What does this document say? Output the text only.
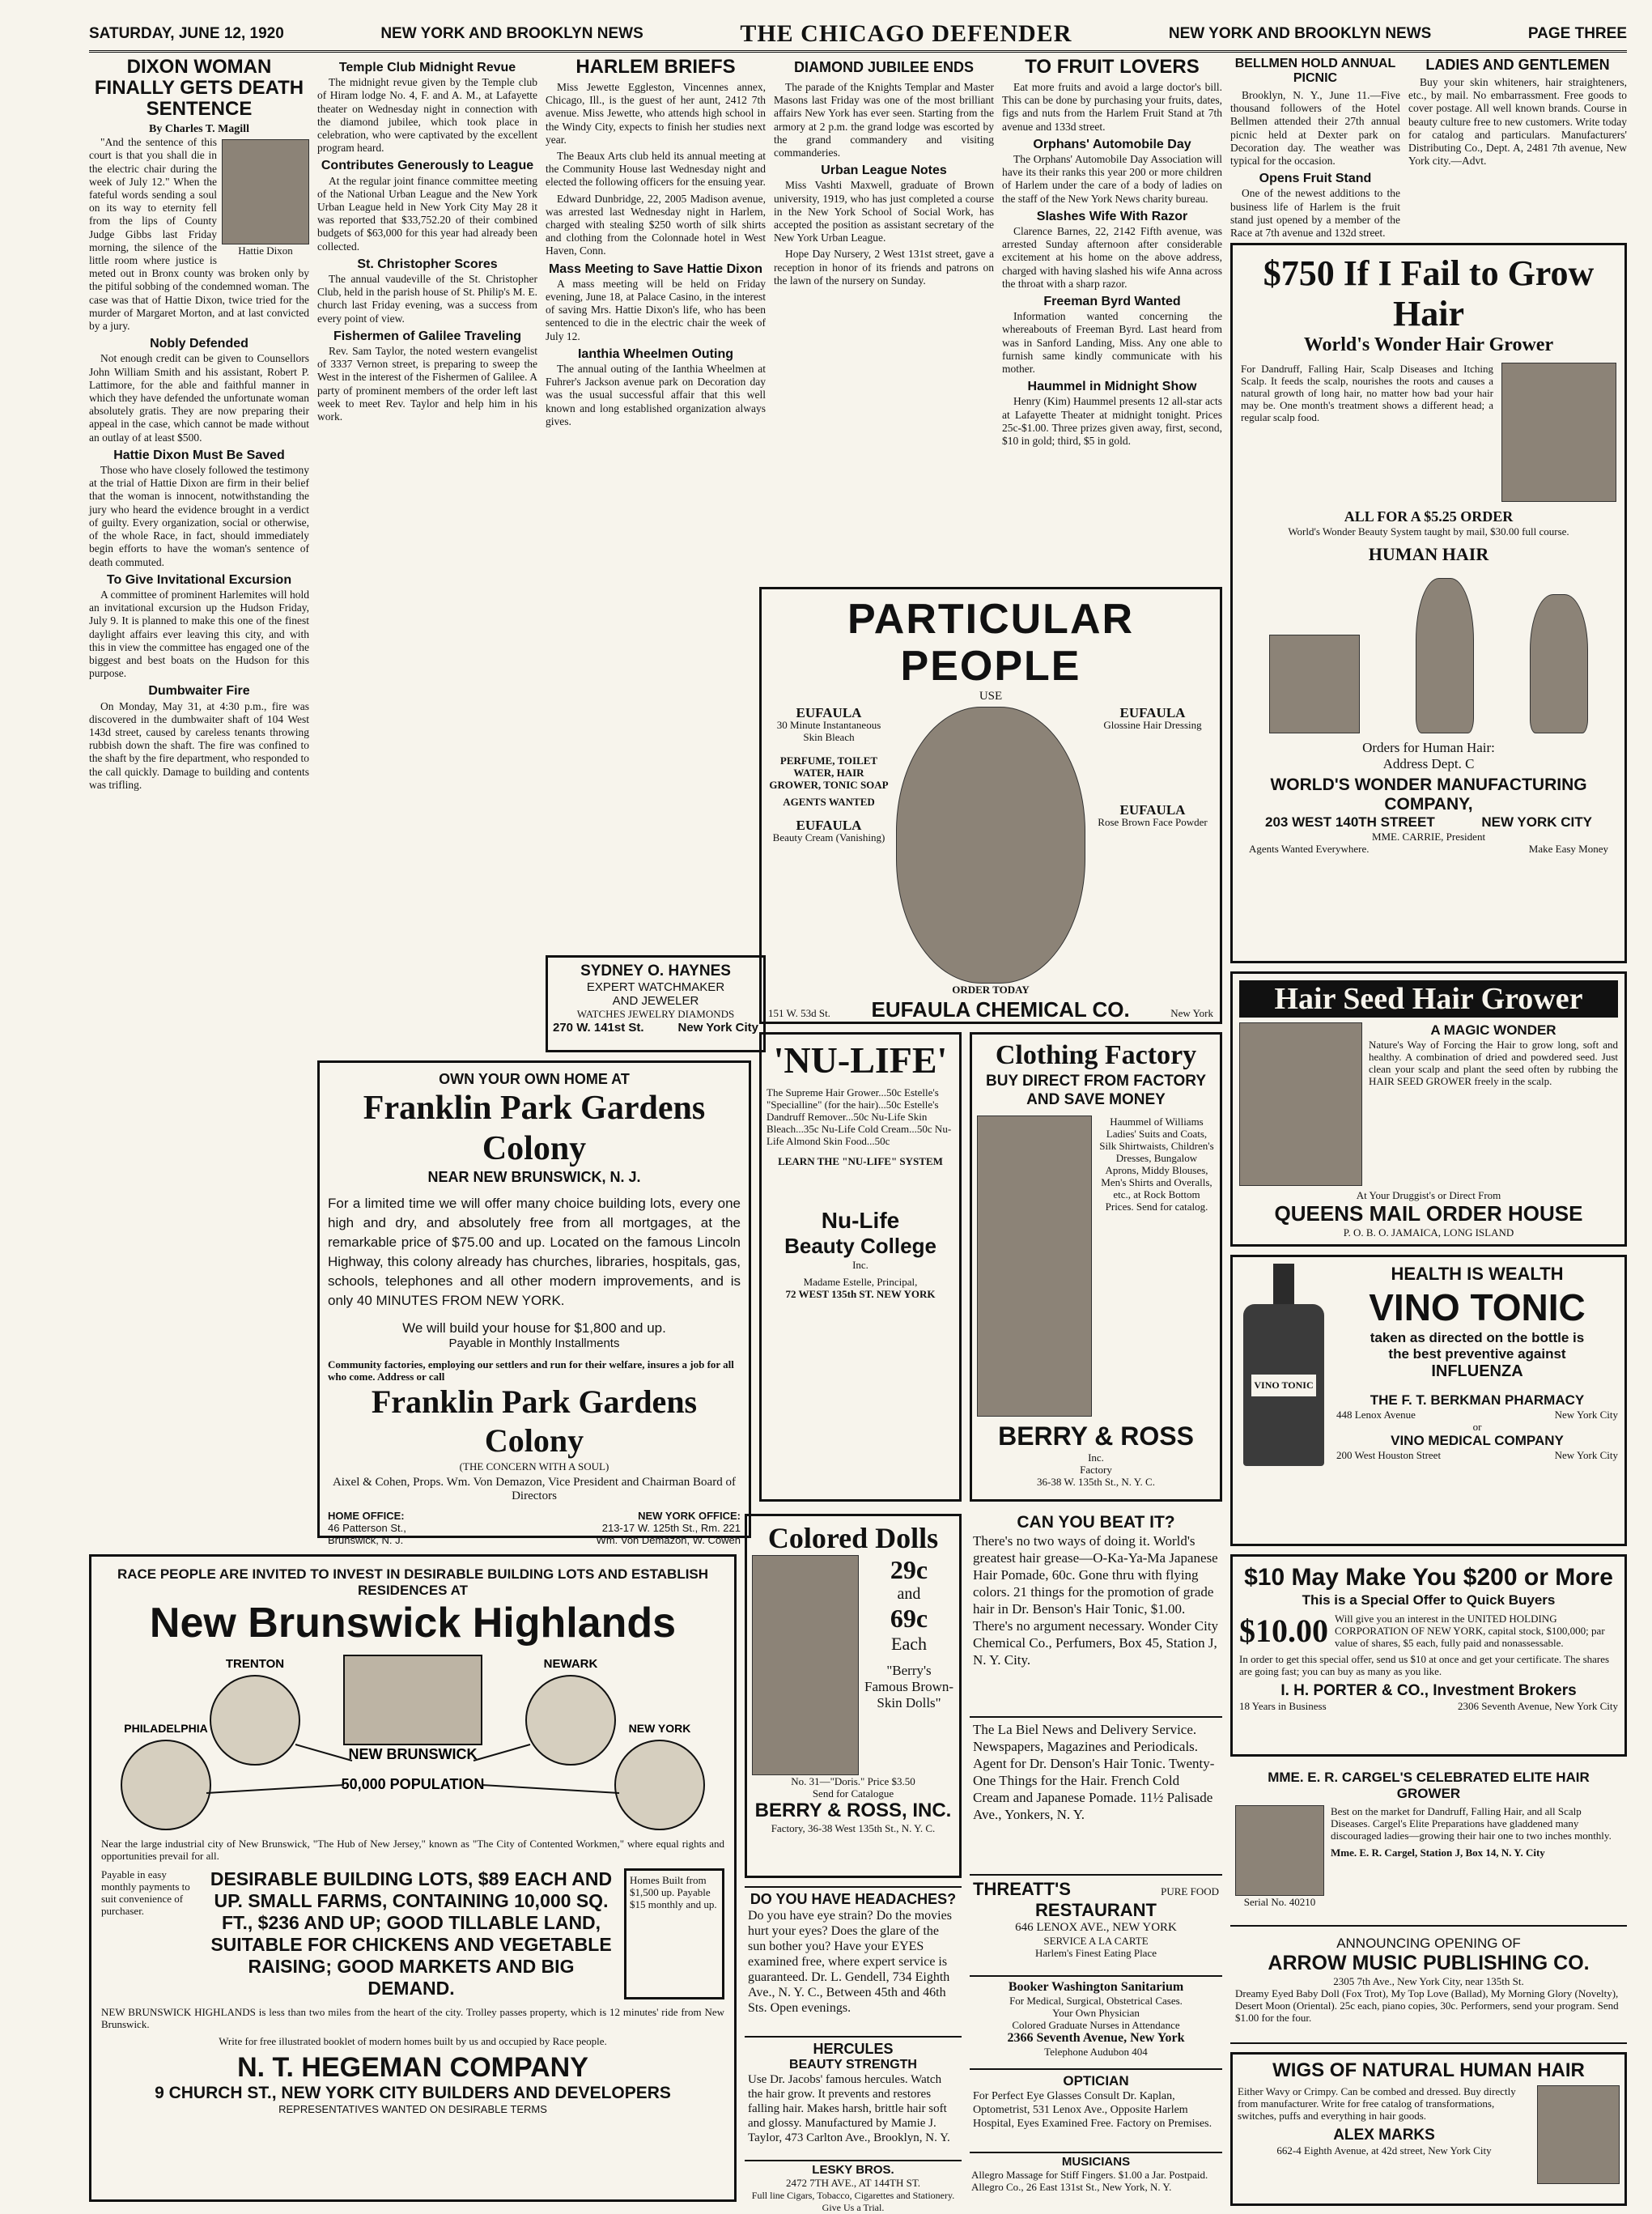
SATURDAY, JUNE 12, 1920	NEW YORK AND BROOKLYN NEWS	THE CHICAGO DEFENDER	NEW YORK AND BROOKLYN NEWS	PAGE THREE
DIXON WOMAN FINALLY GETS DEATH SENTENCE
By Charles T. Magill
Hattie Dixon

"And the sentence of this court is that you shall die in the electric chair during the week of July 12." When the fateful words sending a soul on its way to eternity fell from the lips of County Judge Gibbs last Friday morning, the silence of the little room where justice is meted out in Bronx county was broken only by the pitiful sobbing of the condemned woman. The case was that of Hattie Dixon, twice tried for the murder of Margaret Morton, and at last convicted by a jury.

Nobly Defended

Not enough credit can be given to Counsellors John William Smith and his assistant, Robert P. Lattimore, for the able and faithful manner in which they have defended the unfortunate woman absolutely gratis. They are now preparing their appeal in the case, which cannot be made without an outlay of at least $500.

Hattie Dixon Must Be Saved

Those who have closely followed the testimony at the trial of Hattie Dixon are firm in their belief that the woman is innocent, notwithstanding the jury who heard the evidence brought in a verdict of guilty. Every organization, social or otherwise, of the whole Race, in fact, should immediately begin efforts to have the woman's sentence of death commuted.

To Give Invitational Excursion

A committee of prominent Harlemites will hold an invitational excursion up the Hudson Friday, July 9. It is planned to make this one of the finest daylight affairs ever leaving this city, and with this in view the committee has engaged one of the biggest and best boats on the Hudson for this purpose.

Dumbwaiter Fire

On Monday, May 31, at 4:30 p.m., fire was discovered in the dumbwaiter shaft of 104 West 143d street, caused by careless tenants throwing rubbish down the shaft. The fire was confined to the shaft by the fire department, who responded to the call quickly. Damage to building and contents was trifling.

Temple Club Midnight Revue

The midnight revue given by the Temple club of Hiram lodge No. 4, F. and A. M., at Lafayette theater on Wednesday night in connection with the diamond jubilee, which took place in celebration, who were captivated by the excellent program heard.

Contributes Generously to League

At the regular joint finance committee meeting of the National Urban League and the New York Urban League held in New York City May 28 it was reported that $33,752.20 of their combined budgets of $63,000 for this year had already been collected.

St. Christopher Scores

The annual vaudeville of the St. Christopher Club, held in the parish house of St. Philip's M. E. church last Friday evening, was a success from every point of view.

Fishermen of Galilee Traveling

Rev. Sam Taylor, the noted western evangelist of 3337 Vernon street, is preparing to sweep the West in the interest of the Fishermen of Galilee. A party of prominent members of the order left last week to meet Rev. Taylor and help him in his work.

HARLEM BRIEFS

Miss Jewette Eggleston, Vincennes annex, Chicago, Ill., is the guest of her aunt, 2412 7th avenue. Miss Jewette, who attends high school in the Windy City, expects to finish her studies next year.

The Beaux Arts club held its annual meeting at the Community House last Wednesday night and elected the following officers for the ensuing year.

Edward Dunbridge, 22, 2005 Madison avenue, was arrested last Wednesday night in Harlem, charged with stealing $250 worth of silk shirts and clothing from the Colonnade hotel in West Haven, Conn.

Mass Meeting to Save Hattie Dixon

A mass meeting will be held on Friday evening, June 18, at Palace Casino, in the interest of saving Mrs. Hattie Dixon's life, who has been sentenced to die in the electric chair the week of July 12.

Ianthia Wheelmen Outing

The annual outing of the Ianthia Wheelmen at Fuhrer's Jackson avenue park on Decoration day was the usual successful affair that this well known and long established organization always gives.

SYDNEY O. HAYNES
EXPERT WATCHMAKER
AND JEWELER
WATCHES JEWELRY DIAMONDS
270 W. 141st St.	New York City
DIAMOND JUBILEE ENDS

The parade of the Knights Templar and Master Masons last Friday was one of the most brilliant affairs New York has ever seen. Starting from the armory at 2 p.m. the grand lodge was escorted by the grand commandery and visiting commanderies.

Urban League Notes

Miss Vashti Maxwell, graduate of Brown university, 1919, who has just completed a course in the New York School of Social Work, has accepted the position as assistant secretary of the New York Urban League.

Hope Day Nursery, 2 West 131st street, gave a reception in honor of its friends and patrons on the lawn of the nursery on Sunday.

TO FRUIT LOVERS

Eat more fruits and avoid a large doctor's bill. This can be done by purchasing your fruits, dates, figs and nuts from the Harlem Fruit Stand at 7th avenue and 133d street.

Orphans' Automobile Day

The Orphans' Automobile Day Association will have its their ranks this year 200 or more children of Harlem under the care of a body of ladies on the staff of the New York News charity bureau.

Slashes Wife With Razor

Clarence Barnes, 22, 2142 Fifth avenue, was arrested Sunday afternoon after considerable excitement at his home on the above address, charged with having slashed his wife Anna across the throat with a sharp razor.

Freeman Byrd Wanted

Information wanted concerning the whereabouts of Freeman Byrd. Last heard from was in Sanford Landing, Miss. Any one able to furnish same kindly communicate with his mother.

Haummel in Midnight Show

Henry (Kim) Haummel presents 12 all-star acts at Lafayette Theater at midnight tonight. Prices 25c-$1.00. Three prizes given away, first, second, $10 in gold; third, $5 in gold.

BELLMEN HOLD ANNUAL PICNIC

Brooklyn, N. Y., June 11.—Five thousand followers of the Hotel Bellmen attended their 27th annual picnic held at Dexter park on Decoration day. The weather was typical for the occasion.

Opens Fruit Stand

One of the newest additions to the business life of Harlem is the fruit stand just opened by a member of the Race at 7th avenue and 132d street.

LADIES AND GENTLEMEN

Buy your skin whiteners, hair straighteners, etc., by mail. No embarrassment. Free goods to cover postage. All well known brands. Course in beauty culture free to new customers. Write today for catalog and particulars. Manufacturers' Distributing Co., Dept. A, 2481 7th avenue, New York city.—Advt.

$750 If I Fail to Grow Hair
World's Wonder Hair Grower
For Dandruff, Falling Hair, Scalp Diseases and Itching Scalp. It feeds the scalp, nourishes the roots and causes a natural growth of long hair, no matter how bad your hair may be. One month's treatment shows a different head; a regular scalp food.
ALL FOR A $5.25 ORDER
World's Wonder Beauty System taught by mail, $30.00 full course.
HUMAN HAIR
Orders for Human Hair:
Address Dept. C
WORLD'S WONDER MANUFACTURING COMPANY,
203 WEST 140TH STREET	NEW YORK CITY
MME. CARRIE, President
Agents Wanted Everywhere.	Make Easy Money
PARTICULAR PEOPLE
USE
EUFAULA
30 Minute Instantaneous Skin Bleach
PERFUME, TOILET WATER, HAIR GROWER, TONIC SOAP
AGENTS WANTED
EUFAULA
Beauty Cream (Vanishing)
EUFAULA
Glossine Hair Dressing
EUFAULA
Rose Brown Face Powder
ORDER TODAY
151 W. 53d St. EUFAULA CHEMICAL CO.	New York
'NU-LIFE'
The Supreme Hair Grower...50c Estelle's "Specialline" (for the hair)...50c Estelle's Dandruff Remover...50c Nu-Life Skin Bleach...35c Nu-Life Cold Cream...50c Nu-Life Almond Skin Food...50c
LEARN THE "NU-LIFE" SYSTEM
Nu-Life
Beauty College
Inc.
Madame Estelle, Principal,
72 WEST 135th ST. NEW YORK
Clothing Factory
BUY DIRECT FROM FACTORY AND SAVE MONEY
Haummel of Williams Ladies' Suits and Coats, Silk Shirtwaists, Children's Dresses, Bungalow Aprons, Middy Blouses, Men's Shirts and Overalls, etc., at Rock Bottom Prices. Send for catalog.
BERRY & ROSS
Inc.
Factory
36-38 W. 135th St., N. Y. C.
OWN YOUR OWN HOME AT
Franklin Park Gardens Colony
NEAR NEW BRUNSWICK, N. J.
For a limited time we will offer many choice building lots, every one high and dry, and absolutely free from all mortgages, at the remarkable price of $75.00 and up. Located on the famous Lincoln Highway, this colony already has churches, libraries, hospitals, gas, schools, telephones and all other modern improvements, and is only 40 MINUTES FROM NEW YORK.
We will build your house for $1,800 and up.
Payable in Monthly Installments
Community factories, employing our settlers and run for their welfare, insures a job for all who come. Address or call
Franklin Park Gardens Colony
(THE CONCERN WITH A SOUL)
Aixel & Cohen, Props. Wm. Von Demazon, Vice President and Chairman Board of Directors
HOME OFFICE:
46 Patterson St.,
Brunswick, N. J.
NEW YORK OFFICE:
213-17 W. 125th St., Rm. 221
Wm. Von Demazon, W. Cowen
RACE PEOPLE ARE INVITED TO INVEST IN DESIRABLE BUILDING LOTS AND ESTABLISH RESIDENCES AT
New Brunswick Highlands
NEW BRUNSWICK
50,000 POPULATION
TRENTON	NEWARK
PHILADELPHIA	NEW YORK
Near the large industrial city of New Brunswick, "The Hub of New Jersey," known as "The City of Contented Workmen," where equal rights and opportunities prevail for all.
Payable in easy monthly payments to suit convenience of purchaser.
DESIRABLE BUILDING LOTS, $89 EACH AND UP. SMALL FARMS, CONTAINING 10,000 SQ. FT., $236 AND UP; GOOD TILLABLE LAND, SUITABLE FOR CHICKENS AND VEGETABLE RAISING; GOOD MARKETS AND BIG DEMAND.
Homes Built from $1,500 up. Payable $15 monthly and up.
NEW BRUNSWICK HIGHLANDS is less than two miles from the heart of the city. Trolley passes property, which is 12 minutes' ride from New Brunswick.
Write for free illustrated booklet of modern homes built by us and occupied by Race people.
N. T. HEGEMAN COMPANY
9 CHURCH ST., NEW YORK CITY BUILDERS AND DEVELOPERS
REPRESENTATIVES WANTED ON DESIRABLE TERMS
Colored Dolls
29c
and
69c
Each
"Berry's Famous Brown-Skin Dolls"
No. 31—"Doris." Price $3.50
Send for Catalogue
BERRY & ROSS, INC.
Factory, 36-38 West 135th St., N. Y. C.
CAN YOU BEAT IT?
There's no two ways of doing it. World's greatest hair grease—O-Ka-Ya-Ma Japanese Hair Pomade, 60c. Gone thru with flying colors. 21 things for the promotion of grade hair in Dr. Benson's Hair Tonic, $1.00. There's no argument necessary. Wonder City Chemical Co., Perfumers, Box 45, Station J, N. Y. City.
The La Biel News and Delivery Service. Newspapers, Magazines and Periodicals. Agent for Dr. Denson's Hair Tonic. Twenty-One Things for the Hair. French Cold Cream and Japanese Pomade. 11½ Palisade Ave., Yonkers, N. Y.
DO YOU HAVE HEADACHES?
Do you have eye strain? Do the movies hurt your eyes? Does the glare of the sun bother you? Have your EYES examined free, where expert service is guaranteed. Dr. L. Gendell, 734 Eighth Ave., N. Y. C., Between 45th and 46th Sts. Open evenings.
HERCULES
BEAUTY STRENGTH
Use Dr. Jacobs' famous hercules. Watch the hair grow. It prevents and restores falling hair. Makes harsh, brittle hair soft and glossy. Manufactured by Mamie J. Taylor, 473 Carlton Ave., Brooklyn, N. Y.
LESKY BROS.
2472 7TH AVE., AT 144TH ST.
Full line Cigars, Tobacco, Cigarettes and Stationery. Give Us a Trial.
THREATT'S	PURE FOOD
RESTAURANT
646 LENOX AVE., NEW YORK
SERVICE A LA CARTE
Harlem's Finest Eating Place
Booker Washington Sanitarium
For Medical, Surgical, Obstetrical Cases.
Your Own Physician
Colored Graduate Nurses in Attendance
2366 Seventh Avenue, New York
Telephone Audubon 404
OPTICIAN
For Perfect Eye Glasses Consult Dr. Kaplan, Optometrist, 531 Lenox Ave., Opposite Harlem Hospital, Eyes Examined Free. Factory on Premises.
MUSICIANS
Allegro Massage for Stiff Fingers. $1.00 a Jar. Postpaid. Allegro Co., 26 East 131st St., New York, N. Y.
Hair Seed Hair Grower
A MAGIC WONDER
Nature's Way of Forcing the Hair to grow long, soft and healthy. A combination of dried and powdered seed. Just clean your scalp and plant the seed often by rubbing the HAIR SEED GROWER freely in the scalp.
At Your Druggist's or Direct From
QUEENS MAIL ORDER HOUSE
P. O. B. O. JAMAICA, LONG ISLAND
VINO TONIC
HEALTH IS WEALTH
VINO TONIC
taken as directed on the bottle is
the best preventive against
INFLUENZA
THE F. T. BERKMAN PHARMACY
448 Lenox Avenue	New York City
or
VINO MEDICAL COMPANY
200 West Houston Street	New York City
$10 May Make You $200 or More
This is a Special Offer to Quick Buyers
$10.00 Will give you an interest in the UNITED HOLDING CORPORATION OF NEW YORK, capital stock, $100,000; par value of shares, $5 each, fully paid and nonassessable.
In order to get this special offer, send us $10 at once and get your certificate. The shares are going fast; you can buy as many as you like.
I. H. PORTER & CO., Investment Brokers
18 Years in Business	2306 Seventh Avenue, New York City
MME. E. R. CARGEL'S CELEBRATED ELITE HAIR GROWER
Serial No. 40210
Best on the market for Dandruff, Falling Hair, and all Scalp Diseases. Cargel's Elite Preparations have gladdened many discouraged ladies—growing their hair one to two inches monthly.
Mme. E. R. Cargel, Station J, Box 14, N. Y. City
ANNOUNCING OPENING OF
ARROW MUSIC PUBLISHING CO.
2305 7th Ave., New York City, near 135th St.
Dreamy Eyed Baby Doll (Fox Trot), My Top Love (Ballad), My Morning Glory (Novelty), Desert Moon (Oriental). 25c each, piano copies, 30c. Performers, send your program. Send $1.00 for the four.
WIGS OF NATURAL HUMAN HAIR
Either Wavy or Crimpy. Can be combed and dressed. Buy directly from manufacturer. Write for free catalog of transformations, switches, puffs and everything in hair goods.
ALEX MARKS
662-4 Eighth Avenue, at 42d street, New York City
